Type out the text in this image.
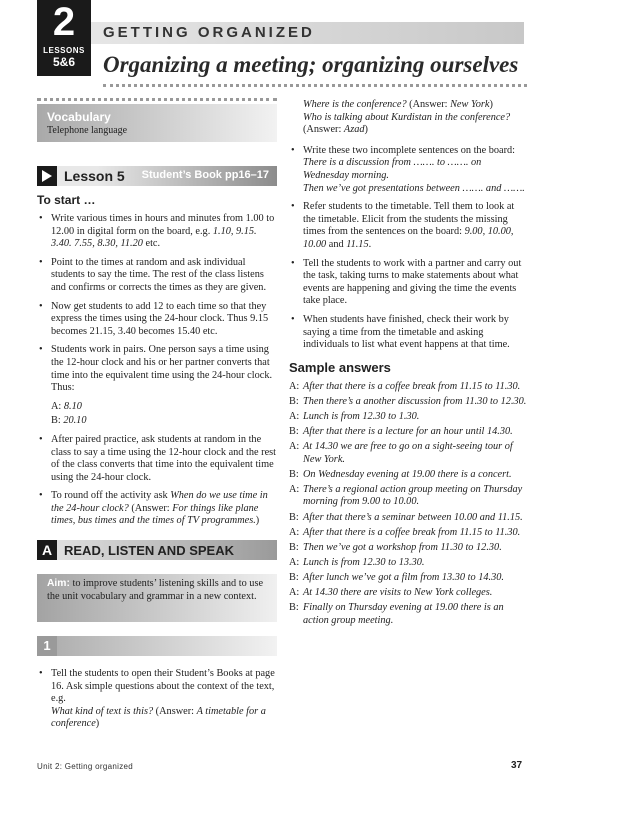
2
LESSONS
5&6
GETTING ORGANIZED
Organizing a meeting; organizing ourselves
Vocabulary
Telephone language
Lesson 5 Student’s Book pp16–17
To start …
• Write various times in hours and minutes from 1.00 to 12.00 in digital form on the board, e.g. 1.10, 9.15. 3.40. 7.55, 8.30, 11.20 etc.
• Point to the times at random and ask individual students to say the time. The rest of the class listens and confirms or corrects the times as they are given.
• Now get students to add 12 to each time so that they express the times using the 24-hour clock. Thus 9.15 becomes 21.15, 3.40 becomes 15.40 etc.
• Students work in pairs. One person says a time using the 12-hour clock and his or her partner converts that time into the equivalent time using the 24-hour clock. Thus:
A: 8.10
B: 20.10
• After paired practice, ask students at random in the class to say a time using the 12-hour clock and the rest of the class converts that time into the equivalent time using the 24-hour clock.
• To round off the activity ask When do we use time in the 24-hour clock? (Answer: For things like plane times, bus times and the times of TV programmes.)
A READ, LISTEN AND SPEAK
Aim: to improve students’ listening skills and to use the unit vocabulary and grammar in a new context.
1
• Tell the students to open their Student’s Books at page 16. Ask simple questions about the context of the text, e.g.
What kind of text is this? (Answer: A timetable for a conference)
Where is the conference? (Answer: New York)
Who is talking about Kurdistan in the conference? (Answer: Azad)
• Write these two incomplete sentences on the board:
There is a discussion from ……. to ……. on Wednesday morning.
Then we’ve got presentations between ……. and …….
• Refer students to the timetable. Tell them to look at the timetable. Elicit from the students the missing times from the sentences on the board: 9.00, 10.00, 10.00 and 11.15.
• Tell the students to work with a partner and carry out the task, taking turns to make statements about what events are happening and giving the time the events take place.
• When students have finished, check their work by saying a time from the timetable and asking individuals to list what event happens at that time.
Sample answers
A: After that there is a coffee break from 11.15 to 11.30.
B: Then there’s a another discussion from 11.30 to 12.30.
A: Lunch is from 12.30 to 1.30.
B: After that there is a lecture for an hour until 14.30.
A: At 14.30 we are free to go on a sight-seeing tour of New York.
B: On Wednesday evening at 19.00 there is a concert.
A: There’s a regional action group meeting on Thursday morning from 9.00 to 10.00.
B: After that there’s a seminar between 10.00 and 11.15.
A: After that there is a coffee break from 11.15 to 11.30.
B: Then we’ve got a workshop from 11.30 to 12.30.
A: Lunch is from 12.30 to 13.30.
B: After lunch we’ve got a film from 13.30 to 14.30.
A: At 14.30 there are visits to New York colleges.
B: Finally on Thursday evening at 19.00 there is an action group meeting.
Unit 2: Getting organized	37
